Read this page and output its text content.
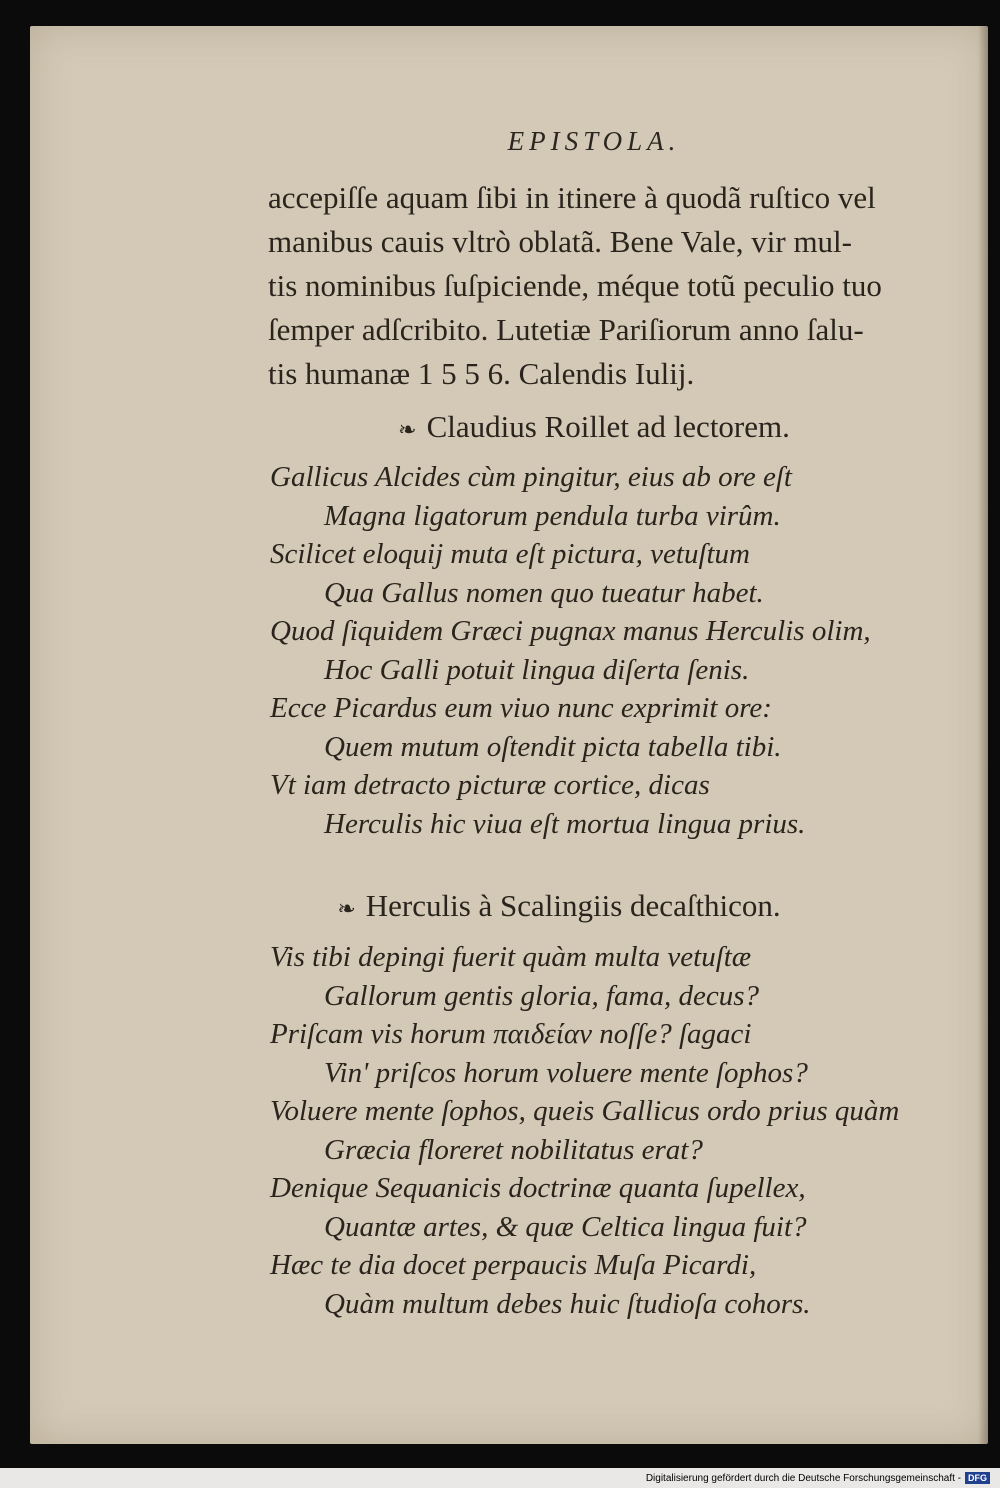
EPISTOLA.
accepiſſe aquam ſibi in itinere à quodã ruſtico vel
manibus cauis vltrò oblatã. Bene Vale, vir mul-
tis nominibus ſuſpiciende, méque totũ peculio tuo
ſemper adſcribito. Lutetiæ Pariſiorum anno ſalu-
tis humanæ 1 5 5 6. Calendis Iulij.
❧ Claudius Roillet ad lectorem.
Gallicus Alcides cùm pingitur, eius ab ore eſt
Magna ligatorum pendula turba virûm.
Scilicet eloquij muta eſt pictura, vetuſtum
Qua Gallus nomen quo tueatur habet.
Quod ſiquidem Græci pugnax manus Herculis olim,
Hoc Galli potuit lingua diſerta ſenis.
Ecce Picardus eum viuo nunc exprimit ore:
Quem mutum oſtendit picta tabella tibi.
Vt iam detracto picturæ cortice, dicas
Herculis hic viua eſt mortua lingua prius.
❧ Herculis à Scalingiis decaſthicon.
Vis tibi depingi fuerit quàm multa vetuſtæ
Gallorum gentis gloria, fama, decus?
Priſcam vis horum παιδείαν noſſe? ſagaci
Vin' priſcos horum voluere mente ſophos?
Voluere mente ſophos, queis Gallicus ordo prius quàm
Græcia floreret nobilitatus erat?
Denique Sequanicis doctrinæ quanta ſupellex,
Quantæ artes, & quæ Celtica lingua fuit?
Hæc te dia docet perpaucis Muſa Picardi,
Quàm multum debes huic ſtudioſa cohors.
Digitalisierung gefördert durch die Deutsche Forschungsgemeinschaft - DFG
